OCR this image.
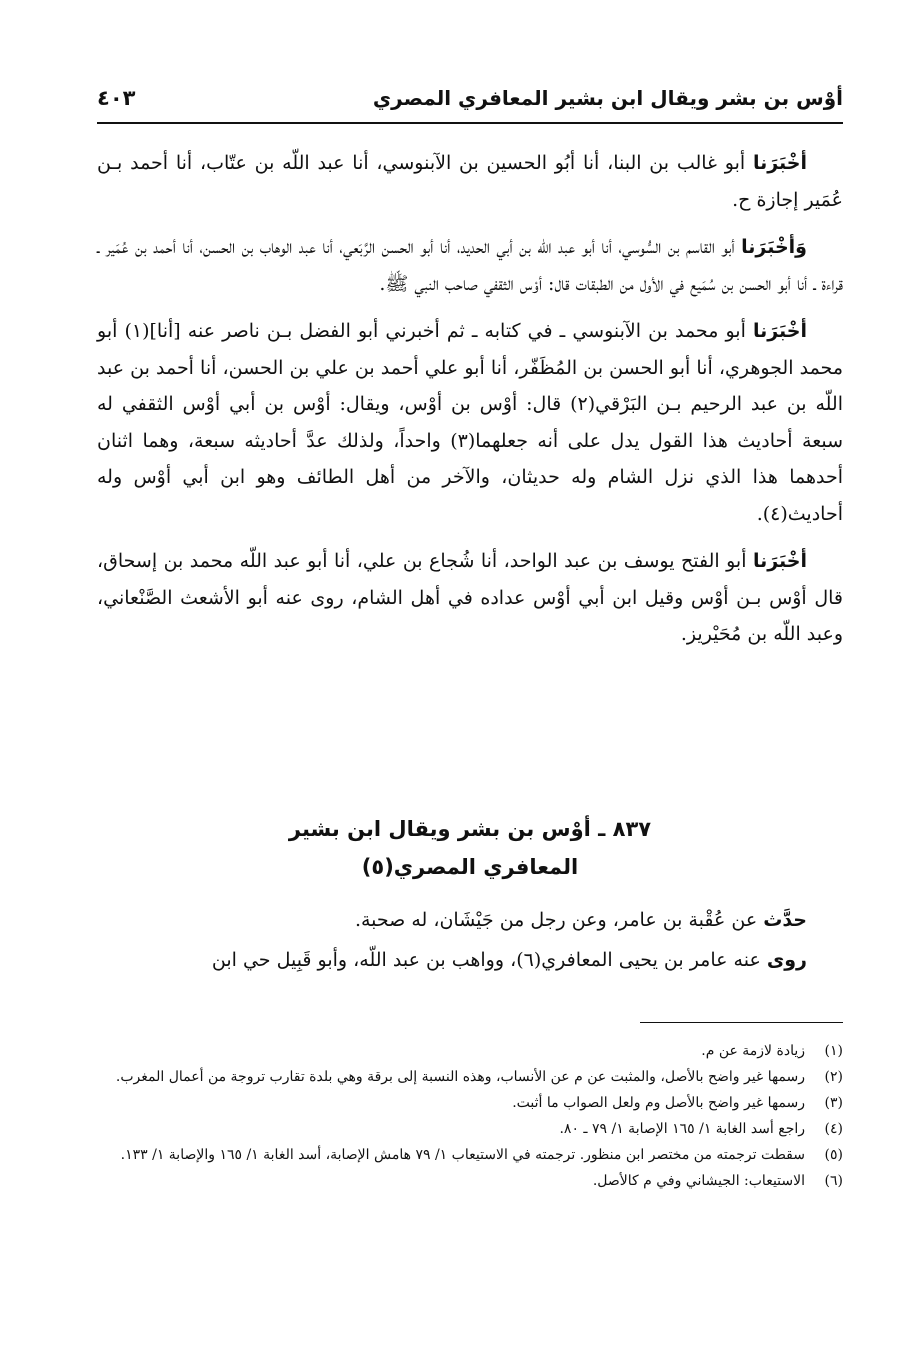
أوْس بن بشر ويقال ابن بشير المعافري المصري
٤٠٣

أخْبَرَنا أبو غالب بن البنا، أنا أبُو الحسين بن الآبنوسي، أنا عبد اللّه بن عتّاب، أنا أحمد بـن عُمَير إجازة ح.

وَأخْبَرَنا أبو القاسم بن السُّوسي، أنا أبو عبد اللّه بن أبي الحديد، أنا أبو الحسن الرَّبَعي، أنا عبد الوهاب بن الحسن، أنا أحمد بن عُمَير ـ قراءة ـ أنا أبو الحسن بن سُمَيع في الأول من الطبقات قال: أوْس الثقفي صاحب النبي ﷺ.

أخْبَرَنا أبو محمد بن الآبنوسي ـ في كتابه ـ ثم أخبرني أبو الفضل بـن ناصر عنه [أنا](١) أبو محمد الجوهري، أنا أبو الحسن بن المُظَفّر، أنا أبو علي أحمد بن علي بن الحسن، أنا أحمد بن عبد اللّه بن عبد الرحيم بـن البَرْقي(٢) قال: أوْس بن أوْس، ويقال: أوْس بن أبي أوْس الثقفي له سبعة أحاديث هذا القول يدل على أنه جعلهما(٣) واحداً، ولذلك عدَّ أحاديثه سبعة، وهما اثنان أحدهما هذا الذي نزل الشام وله حديثان، والآخر من أهل الطائف وهو ابن أبي أوْس وله أحاديث(٤).

أخْبَرَنا أبو الفتح يوسف بن عبد الواحد، أنا شُجاع بن علي، أنا أبو عبد اللّه محمد بن إسحاق، قال أوْس بـن أوْس وقيل ابن أبي أوْس عداده في أهل الشام، روى عنه أبو الأشعث الصَّنْعاني، وعبد اللّه بن مُحَيْريز.

٨٣٧ ـ أوْس بن بشر ويقال ابن بشير
المعافري المصري(٥)

حدَّث عن عُقْبة بن عامر، وعن رجل من جَيْشَان، له صحبة.

روى عنه عامر بن يحيى المعافري(٦)، وواهب بن عبد اللّه، وأبو قَبِيل حي ابن

(١)
زيادة لازمة عن م.
(٢)
رسمها غير واضح بالأصل، والمثبت عن م عن الأنساب، وهذه النسبة إلى برقة وهي بلدة تقارب تروجة من أعمال المغرب.
(٣)
رسمها غير واضح بالأصل وم ولعل الصواب ما أثبت.
(٤)
راجع أسد الغابة ١/ ١٦٥ الإصابة ١/ ٧٩ ـ ٨٠.
(٥)
سقطت ترجمته من مختصر ابن منظور. ترجمته في الاستيعاب ١/ ٧٩ هامش الإصابة، أسد الغابة ١/ ١٦٥ والإصابة ١/ ١٣٣.
(٦)
الاستيعاب: الجيشاني وفي م كالأصل.
